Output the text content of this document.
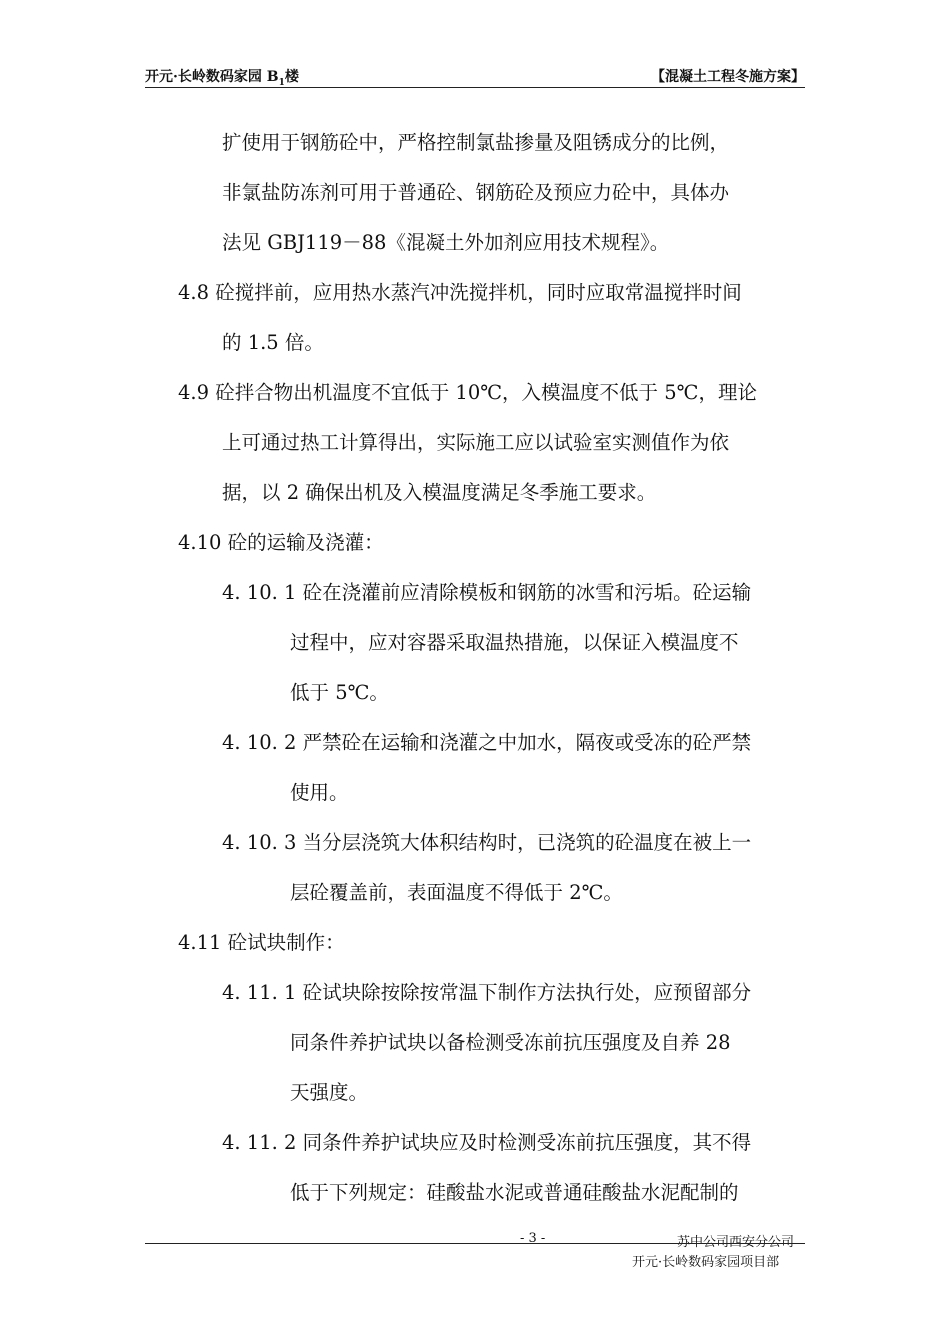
开元·长岭数码家园 $B_1$楼	【混凝土工程冬施方案】
扩使用于钢筋砼中，严格控制氯盐掺量及阻锈成分的比例，
非氯盐防冻剂可用于普通砼、钢筋砼及预应力砼中，具体办
法见 GBJ119－88《混凝土外加剂应用技术规程》。
4.8 砼搅拌前，应用热水蒸汽冲洗搅拌机，同时应取常温搅拌时间
的 1.5 倍。
4.9 砼拌合物出机温度不宜低于 10℃，入模温度不低于 5℃，理论
上可通过热工计算得出，实际施工应以试验室实测值作为依
据，以 2 确保出机及入模温度满足冬季施工要求。
4.10 砼的运输及浇灌：
4. 10. 1 砼在浇灌前应清除模板和钢筋的冰雪和污垢。砼运输
过程中，应对容器采取温热措施，以保证入模温度不
低于 5℃。
4. 10. 2 严禁砼在运输和浇灌之中加水，隔夜或受冻的砼严禁
使用。
4. 10. 3 当分层浇筑大体积结构时，已浇筑的砼温度在被上一
层砼覆盖前，表面温度不得低于 2℃。
4.11 砼试块制作：
4. 11. 1 砼试块除按除按常温下制作方法执行处，应预留部分
同条件养护试块以备检测受冻前抗压强度及自养 28
天强度。
4. 11. 2 同条件养护试块应及时检测受冻前抗压强度，其不得
低于下列规定：硅酸盐水泥或普通硅酸盐水泥配制的
- 3 -	苏中公司西安分公司
开元·长岭数码家园项目部
